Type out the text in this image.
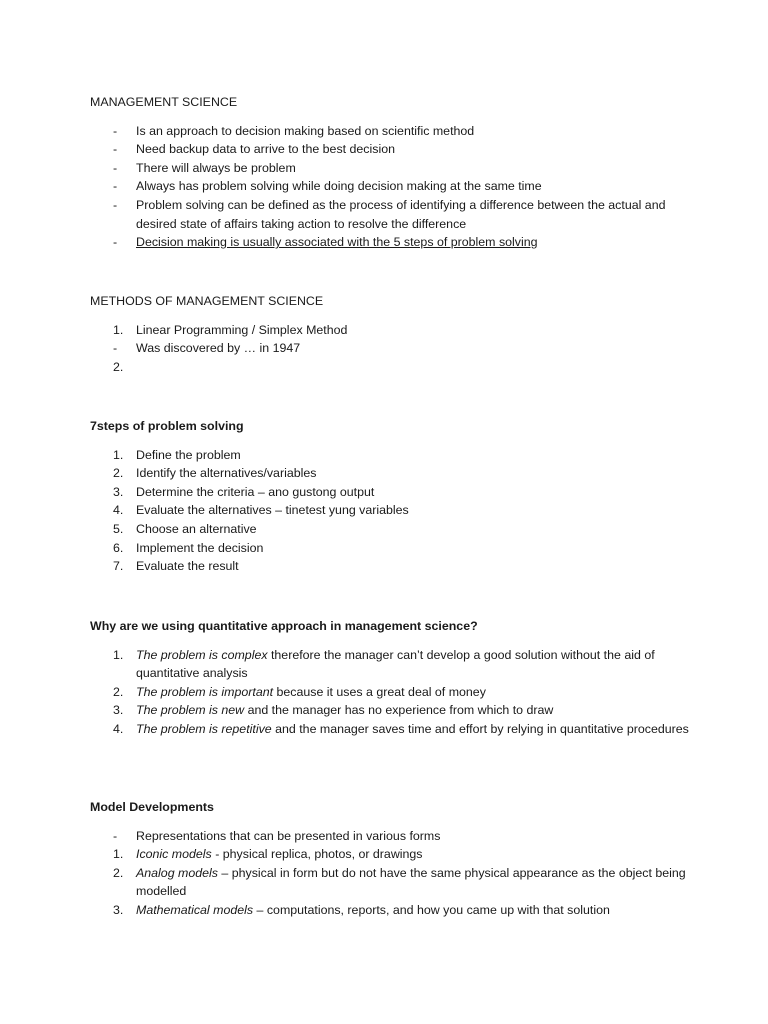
MANAGEMENT SCIENCE
- Is an approach to decision making based on scientific method
- Need backup data to arrive to the best decision
- There will always be problem
- Always has problem solving while doing decision making at the same time
- Problem solving can be defined as the process of identifying a difference between the actual and desired state of affairs taking action to resolve the difference
- Decision making is usually associated with the 5 steps of problem solving
METHODS OF MANAGEMENT SCIENCE
1. Linear Programming / Simplex Method
- Was discovered by … in 1947
2.
7steps of problem solving
1. Define the problem
2. Identify the alternatives/variables
3. Determine the criteria – ano gustong output
4. Evaluate the alternatives – tinetest yung variables
5. Choose an alternative
6. Implement the decision
7. Evaluate the result
Why are we using quantitative approach in management science?
1. The problem is complex therefore the manager can’t develop a good solution without the aid of quantitative analysis
2. The problem is important because it uses a great deal of money
3. The problem is new and the manager has no experience from which to draw
4. The problem is repetitive and the manager saves time and effort by relying in quantitative procedures
Model Developments
- Representations that can be presented in various forms
1. Iconic models - physical replica, photos, or drawings
2. Analog models – physical in form but do not have the same physical appearance as the object being modelled
3. Mathematical models – computations, reports, and how you came up with that solution
